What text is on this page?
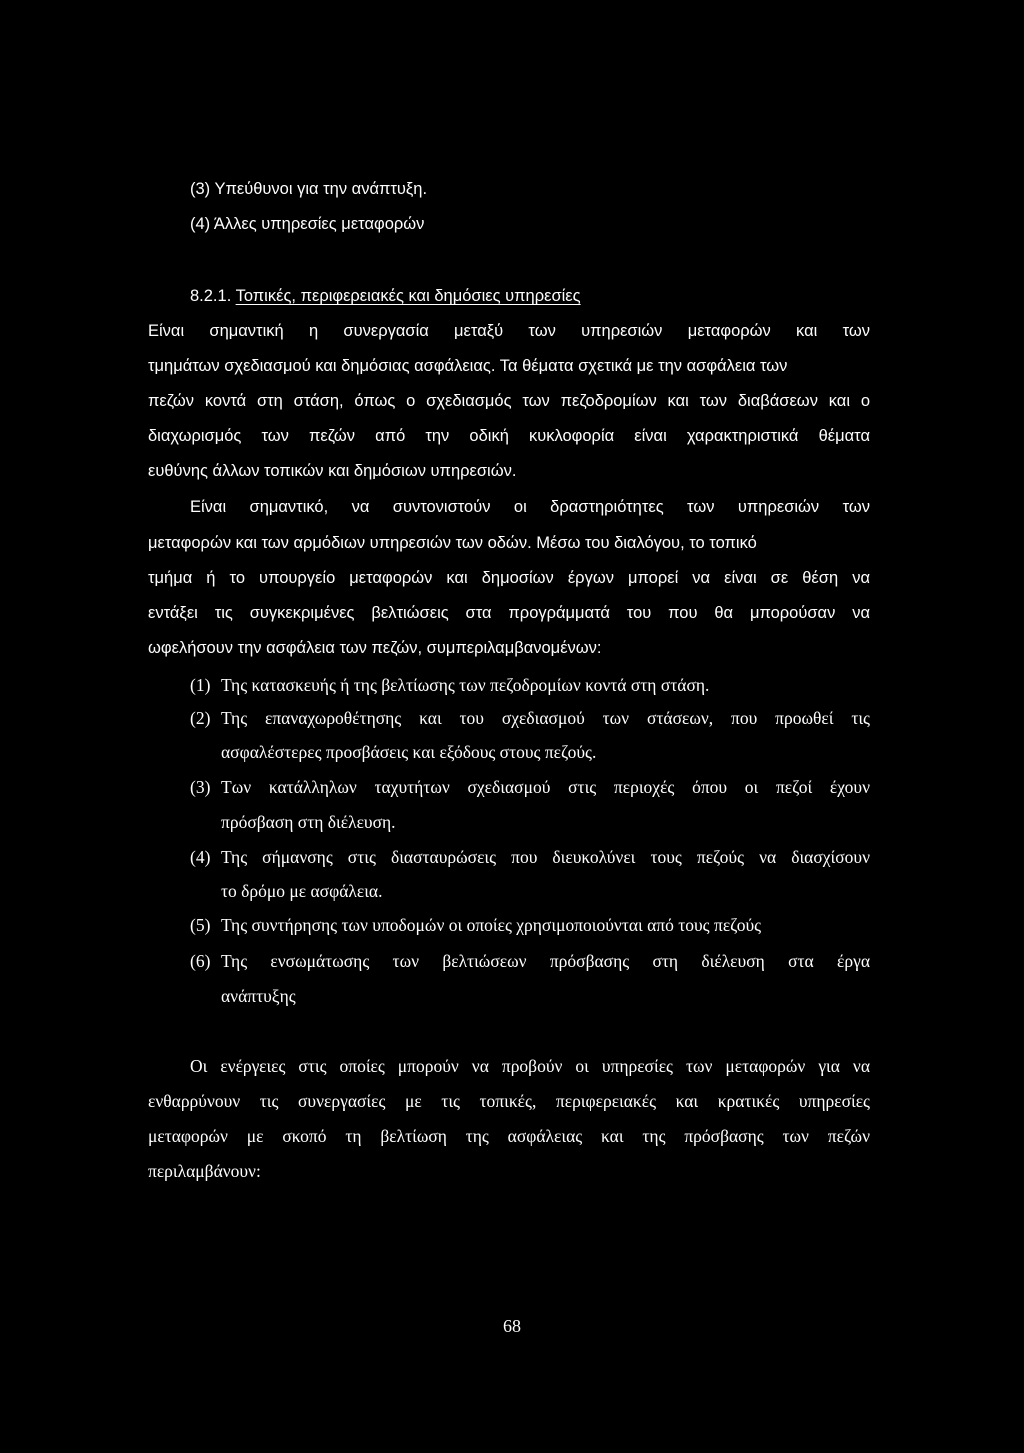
(3) Υπεύθυνοι για την ανάπτυξη.
(4) Άλλες υπηρεσίες μεταφορών
8.2.1. Τοπικές, περιφερειακές και δημόσιες υπηρεσίες
Είναι σημαντική η συνεργασία μεταξύ των υπηρεσιών μεταφορών και των
τμημάτων σχεδιασμού και δημόσιας ασφάλειας. Τα θέματα σχετικά με την ασφάλεια των
πεζών κοντά στη στάση, όπως ο σχεδιασμός των πεζοδρομίων και των διαβάσεων και ο
διαχωρισμός των πεζών από την οδική κυκλοφορία είναι χαρακτηριστικά θέματα
ευθύνης άλλων τοπικών και δημόσιων υπηρεσιών.
Είναι σημαντικό, να συντονιστούν οι δραστηριότητες των υπηρεσιών των
μεταφορών και των αρμόδιων υπηρεσιών των οδών. Μέσω του διαλόγου, το τοπικό
τμήμα ή το υπουργείο μεταφορών και δημοσίων έργων μπορεί να είναι σε θέση να
εντάξει τις συγκεκριμένες βελτιώσεις στα προγράμματά του που θα μπορούσαν να
ωφελήσουν την ασφάλεια των πεζών, συμπεριλαμβανομένων:
(1) Της κατασκευής ή της βελτίωσης των πεζοδρομίων κοντά στη στάση.
(2) Της επαναχωροθέτησης και του σχεδιασμού των στάσεων, που προωθεί τις
ασφαλέστερες προσβάσεις και εξόδους στους πεζούς.
(3) Των κατάλληλων ταχυτήτων σχεδιασμού στις περιοχές όπου οι πεζοί έχουν
πρόσβαση στη διέλευση.
(4) Της σήμανσης στις διασταυρώσεις που διευκολύνει τους πεζούς να διασχίσουν
το δρόμο με ασφάλεια.
(5) Της συντήρησης των υποδομών οι οποίες χρησιμοποιούνται από τους πεζούς
(6) Της ενσωμάτωσης των βελτιώσεων πρόσβασης στη διέλευση στα έργα
ανάπτυξης
Οι ενέργειες στις οποίες μπορούν να προβούν οι υπηρεσίες των μεταφορών για να
ενθαρρύνουν τις συνεργασίες με τις τοπικές, περιφερειακές και κρατικές υπηρεσίες
μεταφορών με σκοπό τη βελτίωση της ασφάλειας και της πρόσβασης των πεζών
περιλαμβάνουν:
68
